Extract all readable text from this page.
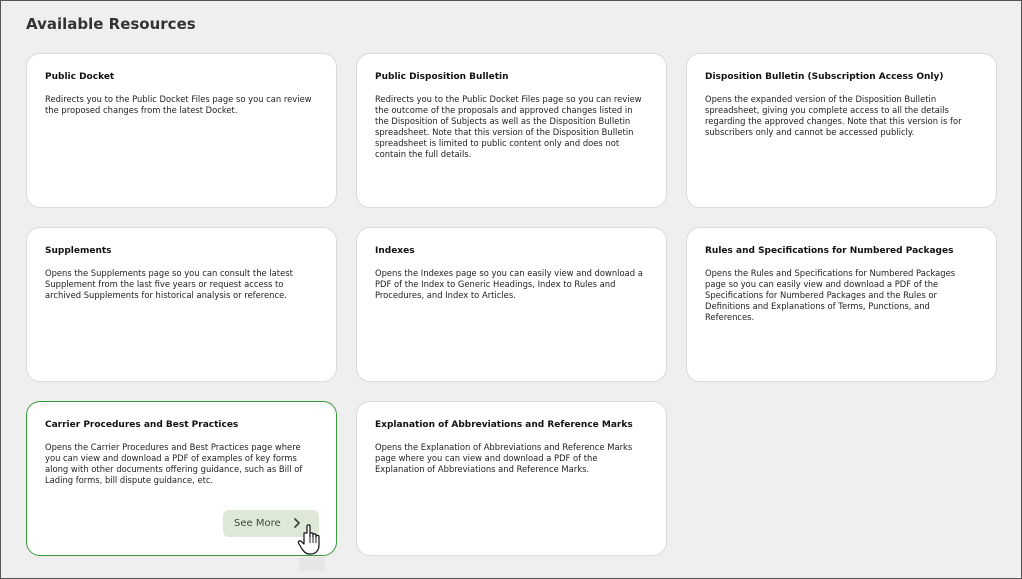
Available Resources

Public Docket

Redirects you to the Public Docket Files page so you can review the proposed changes from the latest Docket.

Public Disposition Bulletin

Redirects you to the Public Docket Files page so you can review the outcome of the proposals and approved changes listed in the Disposition of Subjects as well as the Disposition Bulletin spreadsheet. Note that this version of the Disposition Bulletin spreadsheet is limited to public content only and does not contain the full details.

Disposition Bulletin (Subscription Access Only)

Opens the expanded version of the Disposition Bulletin spreadsheet, giving you complete access to all the details regarding the approved changes. Note that this version is for subscribers only and cannot be accessed publicly.

Supplements

Opens the Supplements page so you can consult the latest Supplement from the last five years or request access to archived Supplements for historical analysis or reference.

Indexes

Opens the Indexes page so you can easily view and download a PDF of the Index to Generic Headings, Index to Rules and Procedures, and Index to Articles.

Rules and Specifications for Numbered Packages

Opens the Rules and Specifications for Numbered Packages page so you can easily view and download a PDF of the Specifications for Numbered Packages and the Rules or Definitions and Explanations of Terms, Punctions, and References.

Carrier Procedures and Best Practices

Opens the Carrier Procedures and Best Practices page where you can view and download a PDF of examples of key forms along with other documents offering guidance, such as Bill of Lading forms, bill dispute guidance, etc.

See More

Explanation of Abbreviations and Reference Marks

Opens the Explanation of Abbreviations and Reference Marks page where you can view and download a PDF of the Explanation of Abbreviations and Reference Marks.
